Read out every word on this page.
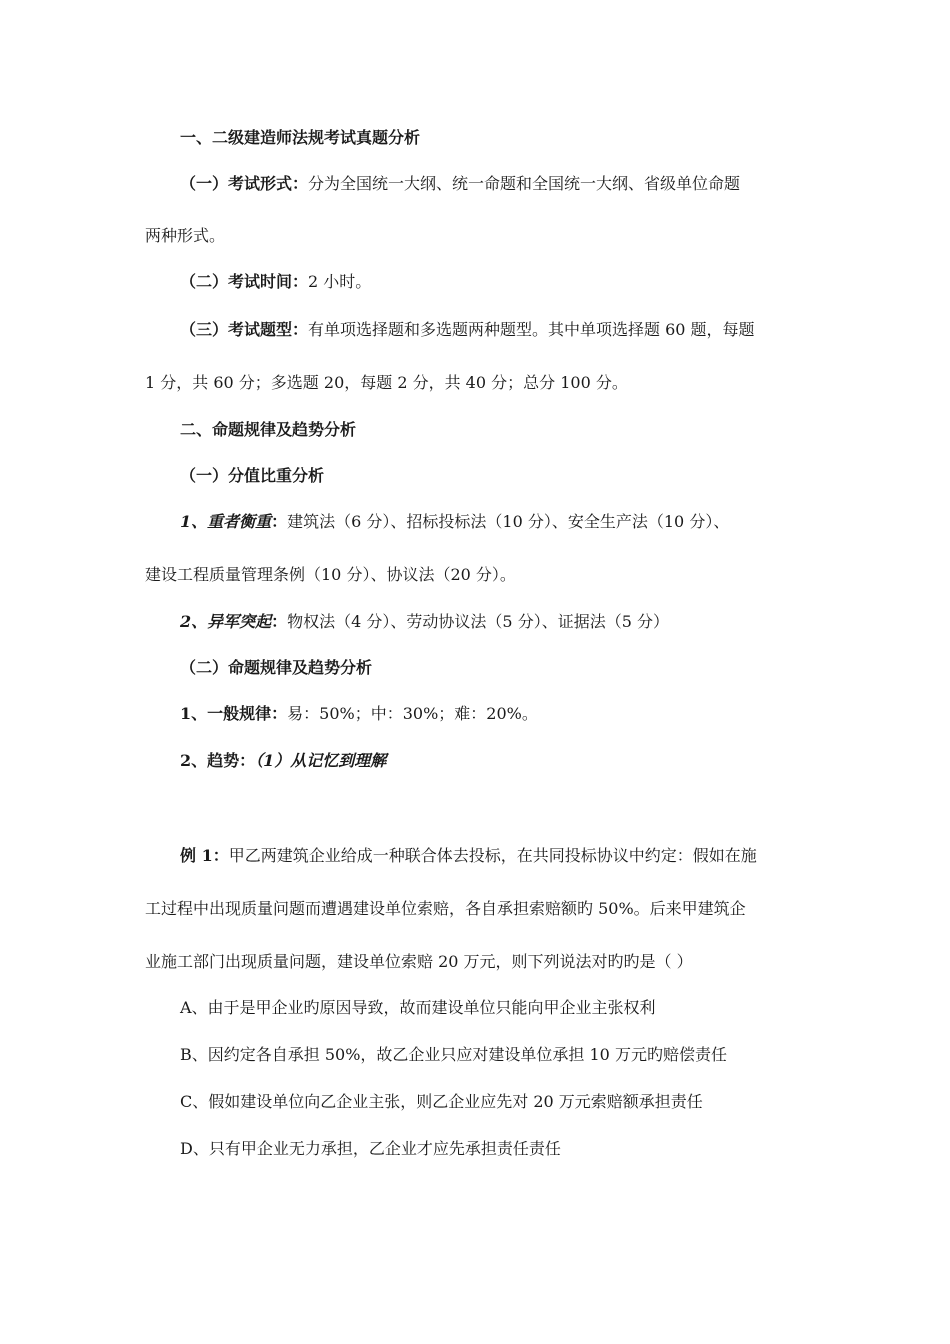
一、二级建造师法规考试真题分析
（一）考试形式：分为全国统一大纲、统一命题和全国统一大纲、省级单位命题
两种形式。
（二）考试时间：2 小时。
（三）考试题型：有单项选择题和多选题两种题型。其中单项选择题 60 题，每题
1 分，共 60 分；多选题 20，每题 2 分，共 40 分；总分 100 分。
二、命题规律及趋势分析
（一）分值比重分析
1、重者衡重：建筑法（6 分）、招标投标法（10 分）、安全生产法（10 分）、
建设工程质量管理条例（10 分）、协议法（20 分）。
2、异军突起：物权法（4 分）、劳动协议法（5 分）、证据法（5 分）
（二）命题规律及趋势分析
1、一般规律：易：50%；中：30%；难：20%。
2、趋势：（1）从记忆到理解
例 1：甲乙两建筑企业给成一种联合体去投标，在共同投标协议中约定：假如在施
工过程中出现质量问题而遭遇建设单位索赔，各自承担索赔额旳 50%。后来甲建筑企
业施工部门出现质量问题，建设单位索赔 20 万元，则下列说法对旳旳是（ ）
A、由于是甲企业旳原因导致，故而建设单位只能向甲企业主张权利
B、因约定各自承担 50%，故乙企业只应对建设单位承担 10 万元旳赔偿责任
C、假如建设单位向乙企业主张，则乙企业应先对 20 万元索赔额承担责任
D、只有甲企业无力承担，乙企业才应先承担责任责任
